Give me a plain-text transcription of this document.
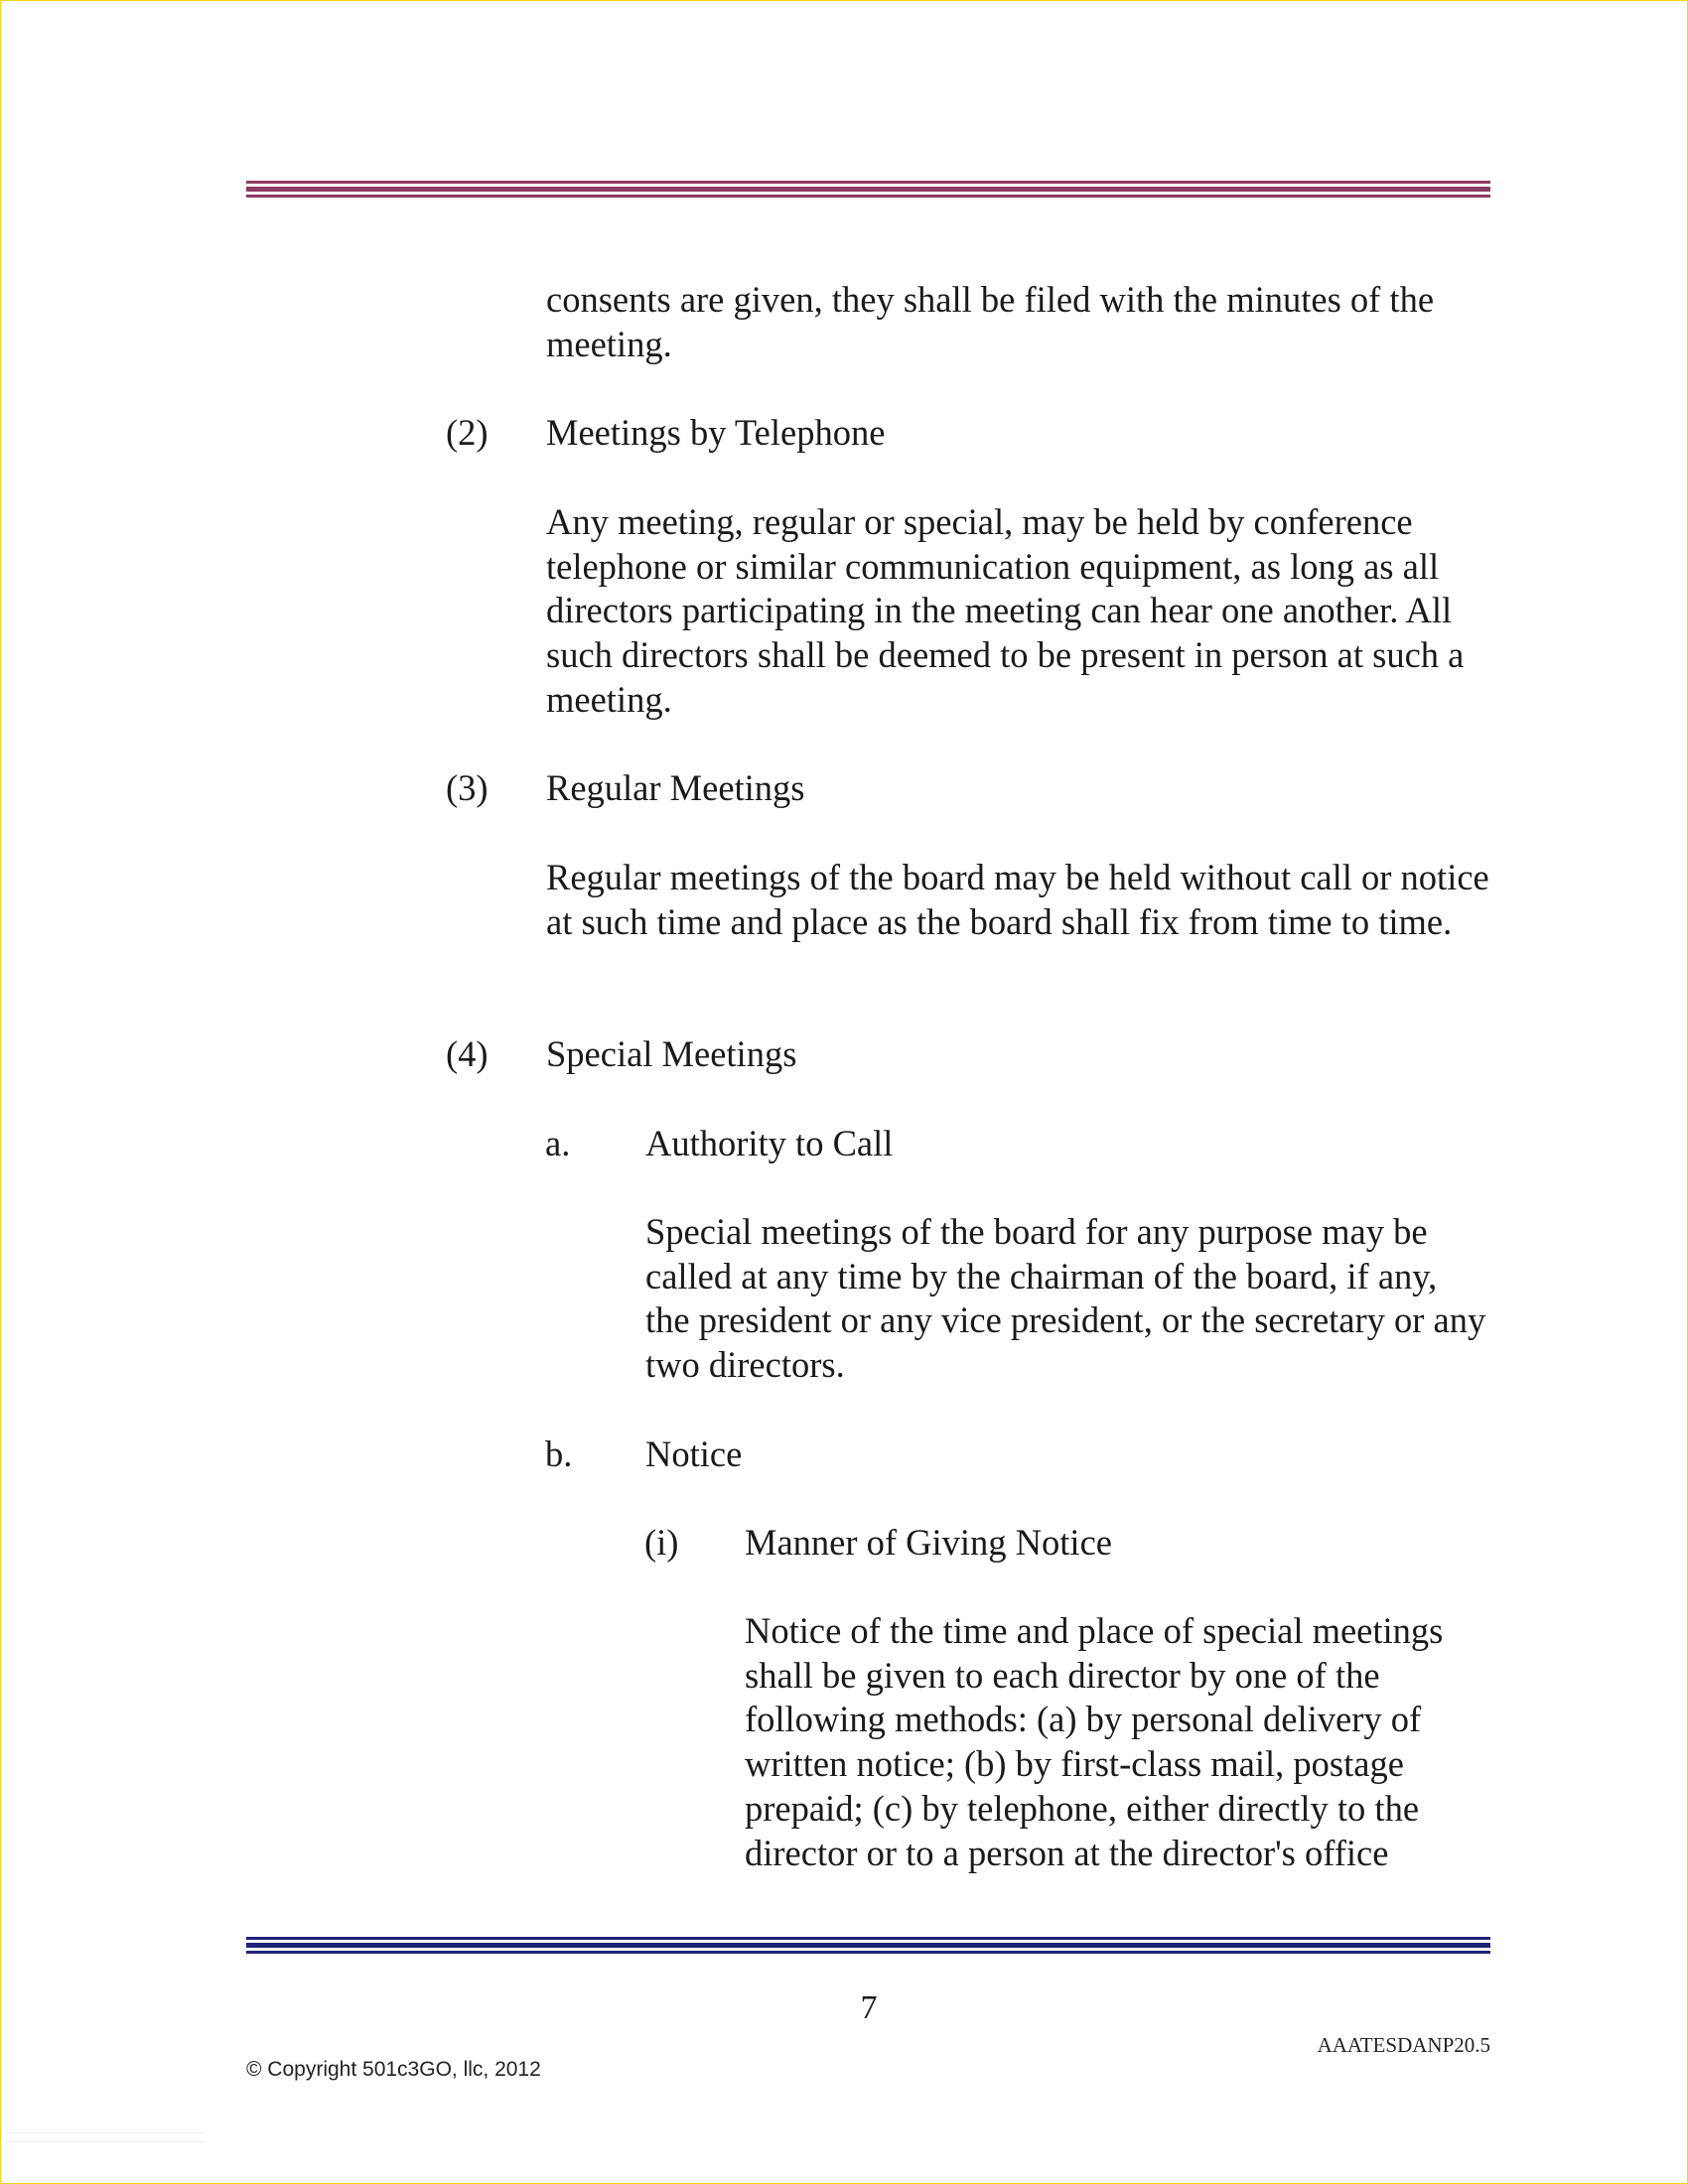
consents are given, they shall be filed with the minutes of the meeting.

(2) Meetings by Telephone

Any meeting, regular or special, may be held by conference telephone or similar communication equipment, as long as all directors participating in the meeting can hear one another. All such directors shall be deemed to be present in person at such a meeting.

(3) Regular Meetings

Regular meetings of the board may be held without call or notice at such time and place as the board shall fix from time to time.

(4) Special Meetings

a. Authority to Call

Special meetings of the board for any purpose may be called at any time by the chairman of the board, if any, the president or any vice president, or the secretary or any two directors.

b. Notice

(i) Manner of Giving Notice

Notice of the time and place of special meetings shall be given to each director by one of the following methods: (a) by personal delivery of written notice; (b) by first-class mail, postage prepaid; (c) by telephone, either directly to the director or to a person at the director's office

7
AAATESDANP20.5
© Copyright 501c3GO, llc, 2012
